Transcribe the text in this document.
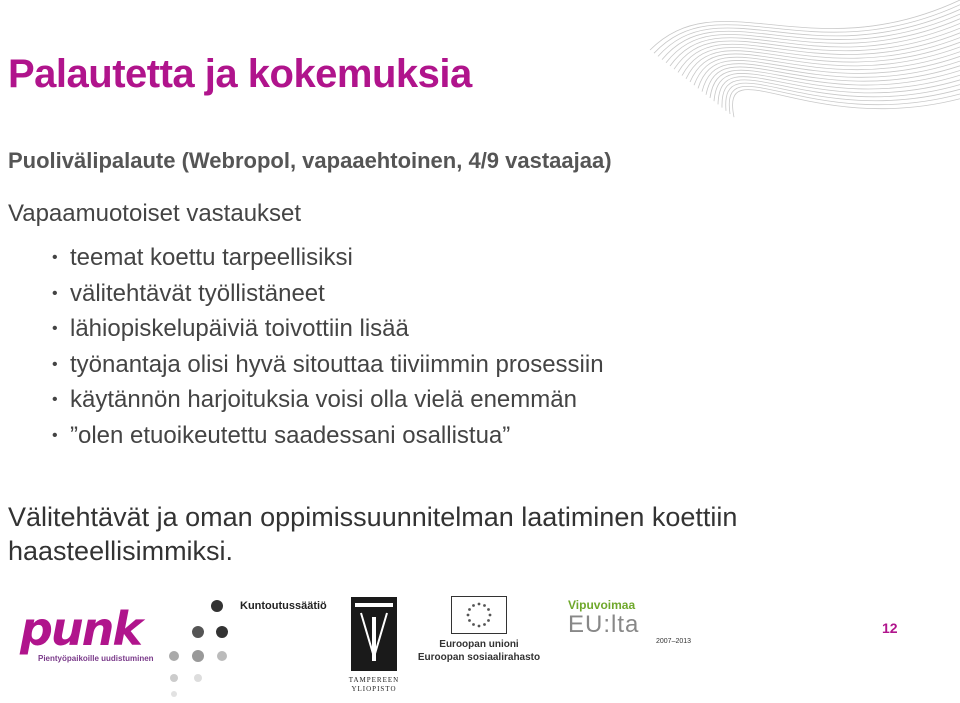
Palautetta ja kokemuksia
Puolivälipalaute (Webropol, vapaaehtoinen, 4/9 vastaajaa)
Vapaamuotoiset vastaukset
• teemat koettu tarpeellisiksi
• välitehtävät työllistäneet
• lähiopiskelupäiviä toivottiin lisää
• työnantaja olisi hyvä sitouttaa tiiviimmin prosessiin
• käytännön harjoituksia voisi olla vielä enemmän
• ”olen etuoikeutettu saadessani osallistua”
Välitehtävät ja oman oppimissuunnitelman laatiminen koettiin haasteellisimmiksi.
punk
Pientyöpaikoille uudistuminen
Kuntoutussäätiö
TAMPEREEN
YLIOPISTO
Euroopan unioni
Euroopan sosiaalirahasto
Vipuvoimaa
EU:lta
2007–2013
12
